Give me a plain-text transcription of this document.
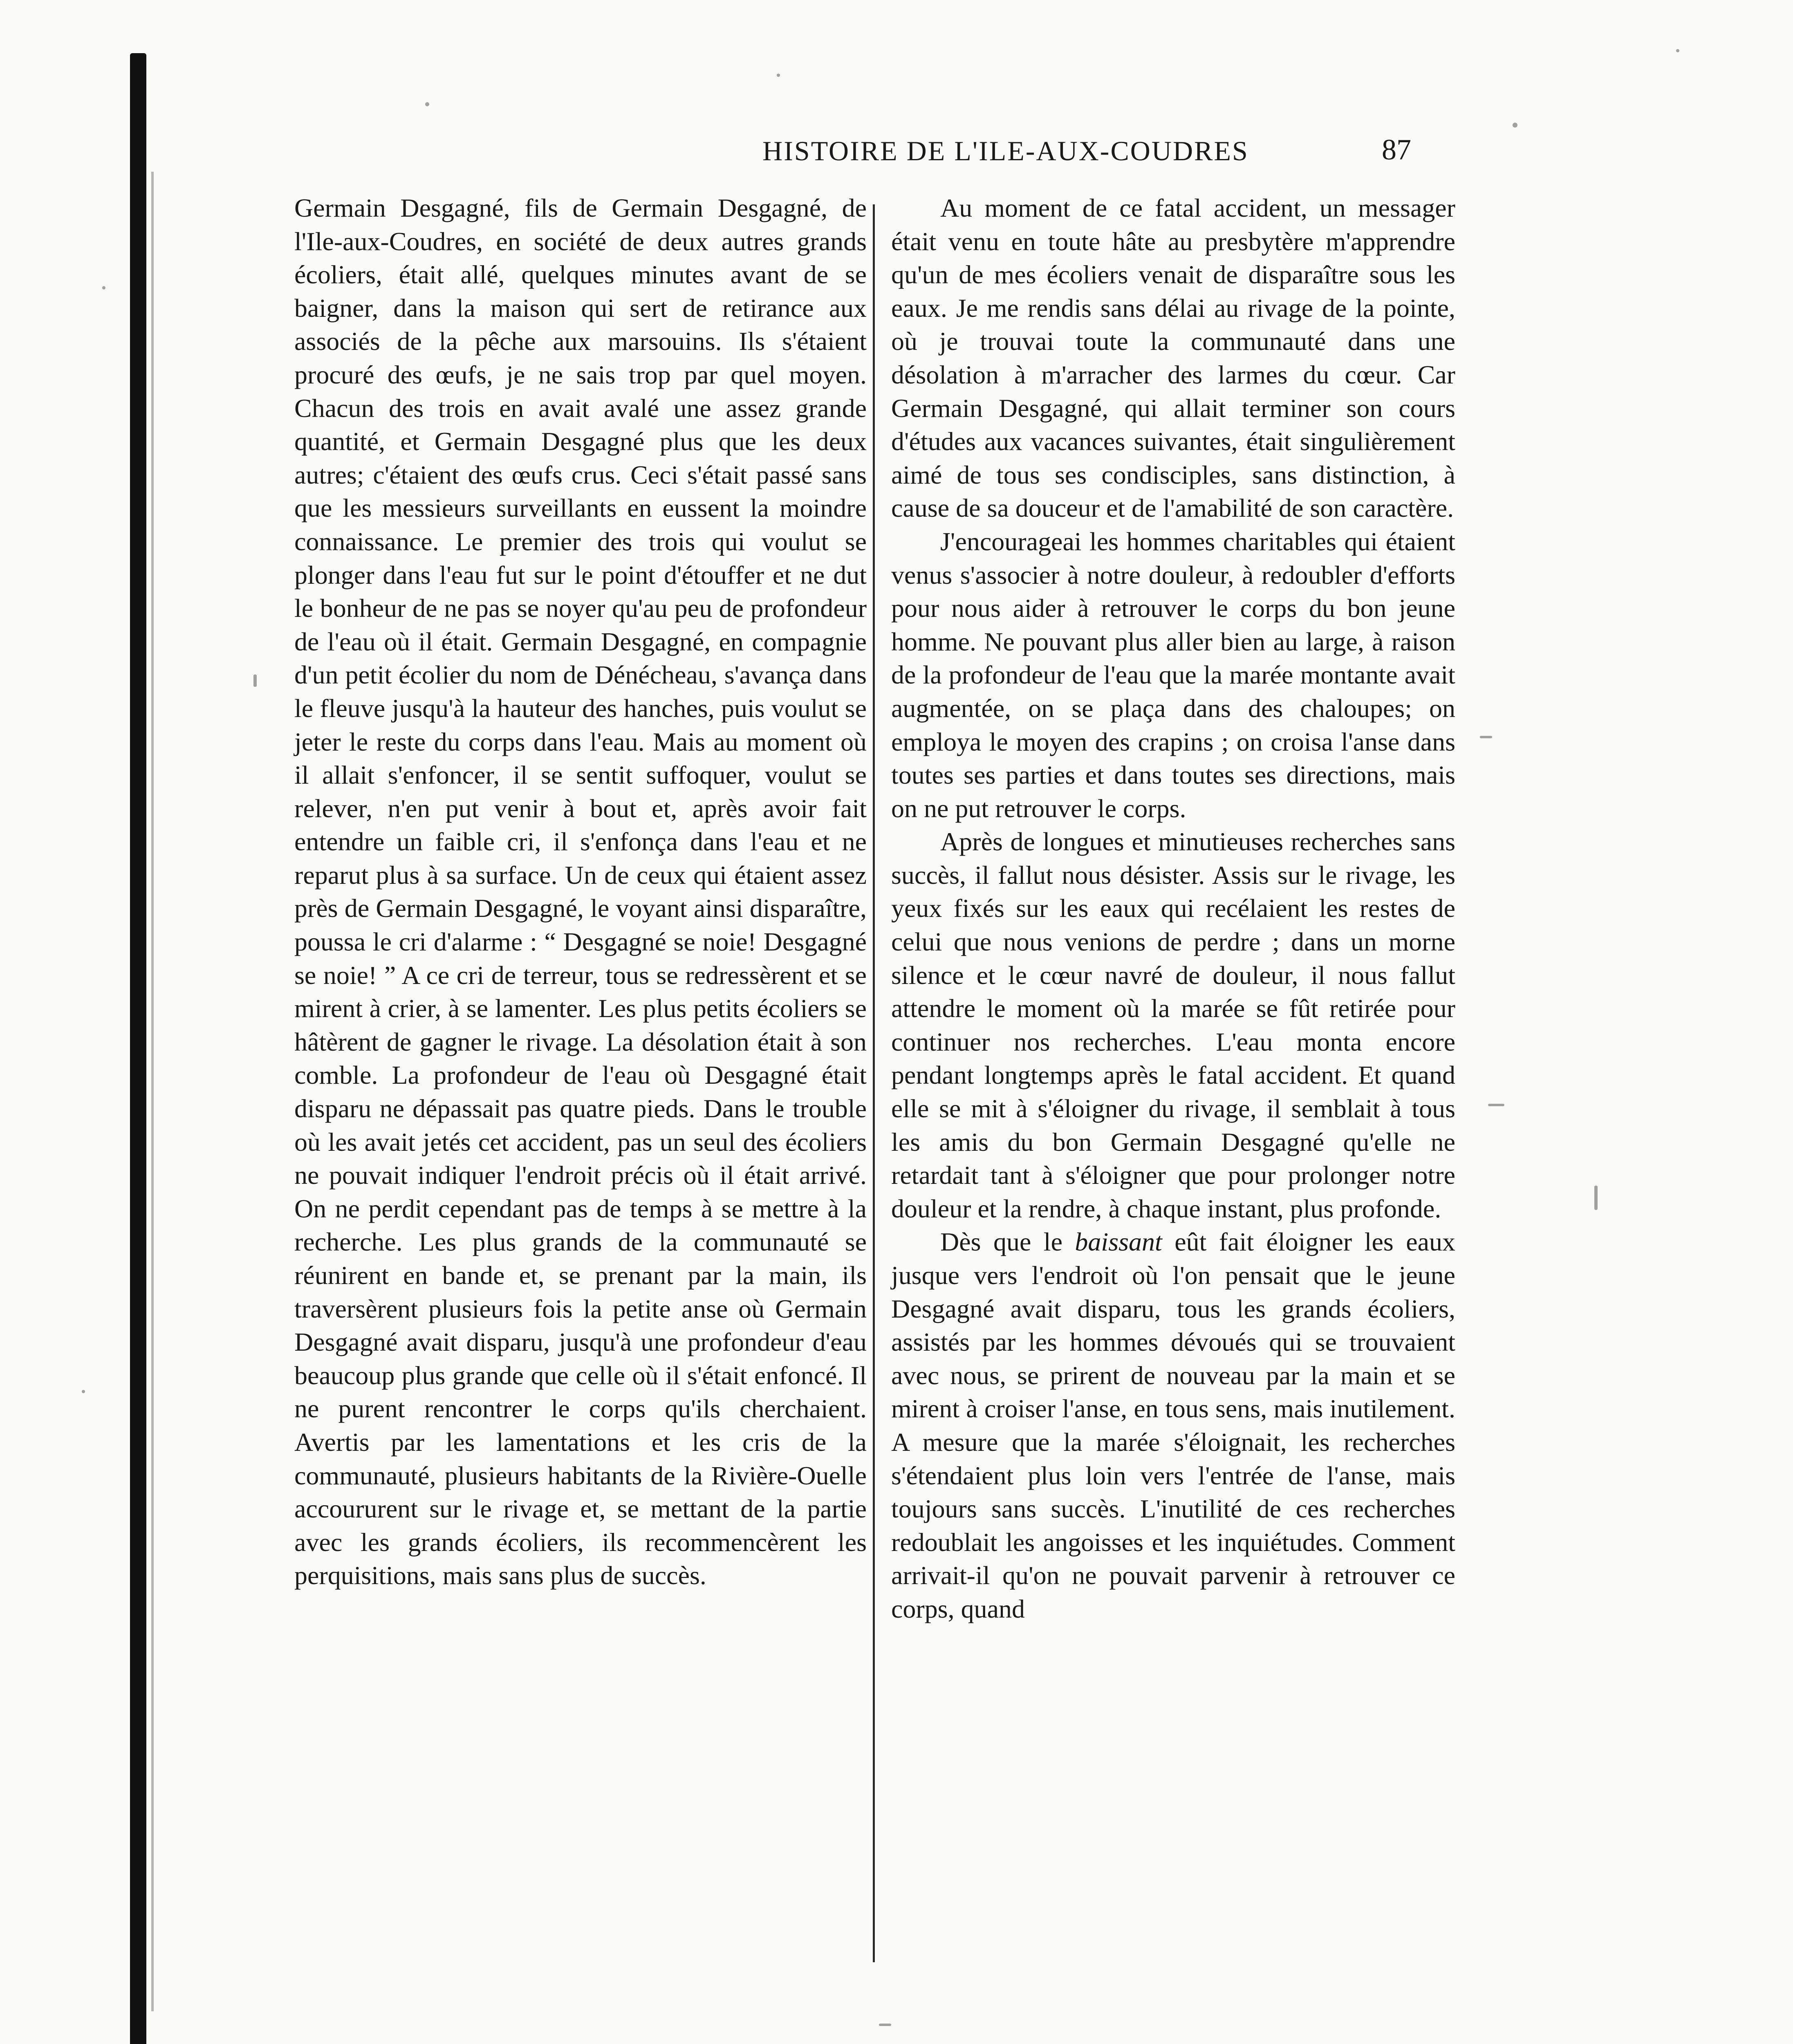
HISTOIRE DE L'ILE-AUX-COUDRES	87

Germain Desgagné, fils de Germain Desgagné, de l'Ile-aux-Coudres, en société de deux autres grands écoliers, était allé, quelques minutes avant de se baigner, dans la maison qui sert de retirance aux associés de la pêche aux marsouins. Ils s'étaient procuré des œufs, je ne sais trop par quel moyen. Chacun des trois en avait avalé une assez grande quantité, et Germain Desgagné plus que les deux autres; c'étaient des œufs crus. Ceci s'était passé sans que les messieurs surveillants en eussent la moindre connaissance. Le premier des trois qui voulut se plonger dans l'eau fut sur le point d'étouffer et ne dut le bonheur de ne pas se noyer qu'au peu de profondeur de l'eau où il était. Germain Desgagné, en compagnie d'un petit écolier du nom de Dénécheau, s'avança dans le fleuve jusqu'à la hauteur des hanches, puis voulut se jeter le reste du corps dans l'eau. Mais au moment où il allait s'enfoncer, il se sentit suffoquer, voulut se relever, n'en put venir à bout et, après avoir fait entendre un faible cri, il s'enfonça dans l'eau et ne reparut plus à sa surface. Un de ceux qui étaient assez près de Germain Desgagné, le voyant ainsi disparaître, poussa le cri d'alarme : “ Desgagné se noie! Desgagné se noie! ” A ce cri de terreur, tous se redressèrent et se mirent à crier, à se lamenter. Les plus petits écoliers se hâtèrent de gagner le rivage. La désolation était à son comble. La profondeur de l'eau où Desgagné était disparu ne dépassait pas quatre pieds. Dans le trouble où les avait jetés cet accident, pas un seul des écoliers ne pouvait indiquer l'endroit précis où il était arrivé. On ne perdit cependant pas de temps à se mettre à la recherche. Les plus grands de la communauté se réunirent en bande et, se prenant par la main, ils traversèrent plusieurs fois la petite anse où Germain Desgagné avait disparu, jusqu'à une profondeur d'eau beaucoup plus grande que celle où il s'était enfoncé. Il ne purent rencontrer le corps qu'ils cherchaient. Avertis par les lamentations et les cris de la communauté, plusieurs habitants de la Rivière-Ouelle accoururent sur le rivage et, se mettant de la partie avec les grands écoliers, ils recommencèrent les perquisitions, mais sans plus de succès.

Au moment de ce fatal accident, un messager était venu en toute hâte au presbytère m'apprendre qu'un de mes écoliers venait de disparaître sous les eaux. Je me rendis sans délai au rivage de la pointe, où je trouvai toute la communauté dans une désolation à m'arracher des larmes du cœur. Car Germain Desgagné, qui allait terminer son cours d'études aux vacances suivantes, était singulièrement aimé de tous ses condisciples, sans distinction, à cause de sa douceur et de l'amabilité de son caractère.

J'encourageai les hommes charitables qui étaient venus s'associer à notre douleur, à redoubler d'efforts pour nous aider à retrouver le corps du bon jeune homme. Ne pouvant plus aller bien au large, à raison de la profondeur de l'eau que la marée montante avait augmentée, on se plaça dans des chaloupes; on employa le moyen des crapins ; on croisa l'anse dans toutes ses parties et dans toutes ses directions, mais on ne put retrouver le corps.

Après de longues et minutieuses recherches sans succès, il fallut nous désister. Assis sur le rivage, les yeux fixés sur les eaux qui recélaient les restes de celui que nous venions de perdre ; dans un morne silence et le cœur navré de douleur, il nous fallut attendre le moment où la marée se fût retirée pour continuer nos recherches. L'eau monta encore pendant longtemps après le fatal accident. Et quand elle se mit à s'éloigner du rivage, il semblait à tous les amis du bon Germain Desgagné qu'elle ne retardait tant à s'éloigner que pour prolonger notre douleur et la rendre, à chaque instant, plus profonde.

Dès que le baissant eût fait éloigner les eaux jusque vers l'endroit où l'on pensait que le jeune Desgagné avait disparu, tous les grands écoliers, assistés par les hommes dévoués qui se trouvaient avec nous, se prirent de nouveau par la main et se mirent à croiser l'anse, en tous sens, mais inutilement. A mesure que la marée s'éloignait, les recherches s'étendaient plus loin vers l'entrée de l'anse, mais toujours sans succès. L'inutilité de ces recherches redoublait les angoisses et les inquiétudes. Comment arrivait-il qu'on ne pouvait parvenir à retrouver ce corps, quand
